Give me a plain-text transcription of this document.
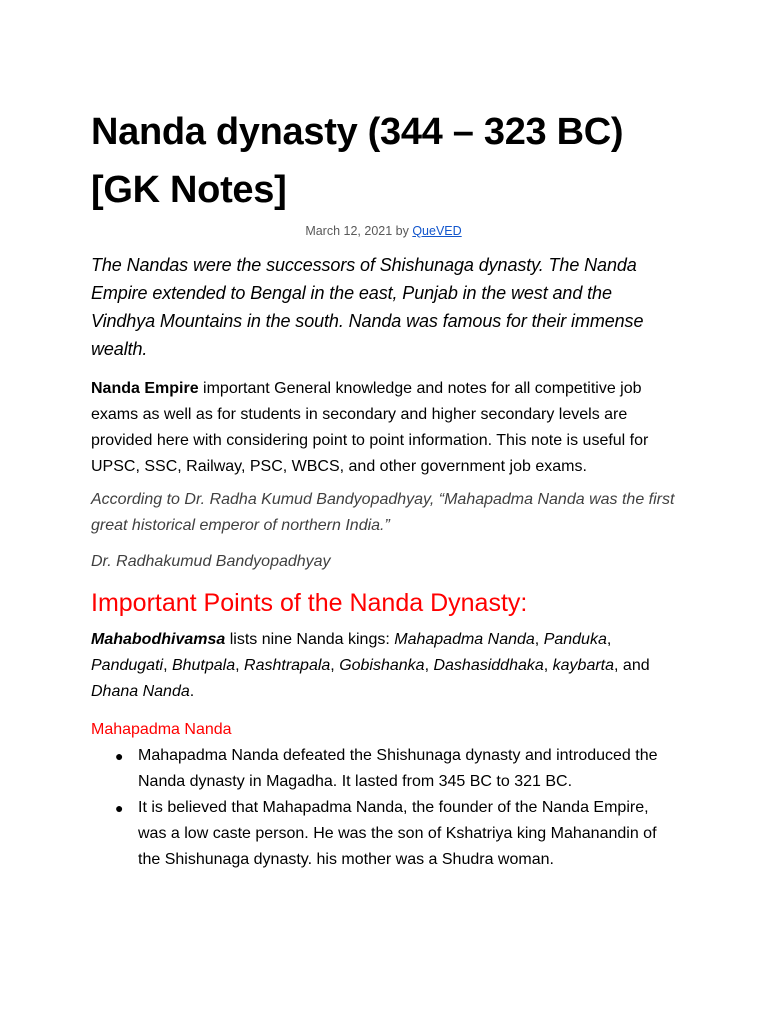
Nanda dynasty (344 – 323 BC) [GK Notes]
March 12, 2021 by QueVED

The Nandas were the successors of Shishunaga dynasty. The Nanda Empire extended to Bengal in the east, Punjab in the west and the Vindhya Mountains in the south. Nanda was famous for their immense wealth.

Nanda Empire important General knowledge and notes for all competitive job exams as well as for students in secondary and higher secondary levels are provided here with considering point to point information. This note is useful for UPSC, SSC, Railway, PSC, WBCS, and other government job exams.

According to Dr. Radha Kumud Bandyopadhyay, “Mahapadma Nanda was the first great historical emperor of northern India.”

Dr. Radhakumud Bandyopadhyay

Important Points of the Nanda Dynasty:

Mahabodhivamsa lists nine Nanda kings: Mahapadma Nanda, Panduka, Pandugati, Bhutpala, Rashtrapala, Gobishanka, Dashasiddhaka, kaybarta, and Dhana Nanda.

Mahapadma Nanda
● Mahapadma Nanda defeated the Shishunaga dynasty and introduced the Nanda dynasty in Magadha. It lasted from 345 BC to 321 BC.
● It is believed that Mahapadma Nanda, the founder of the Nanda Empire, was a low caste person. He was the son of Kshatriya king Mahanandin of the Shishunaga dynasty. his mother was a Shudra woman.
